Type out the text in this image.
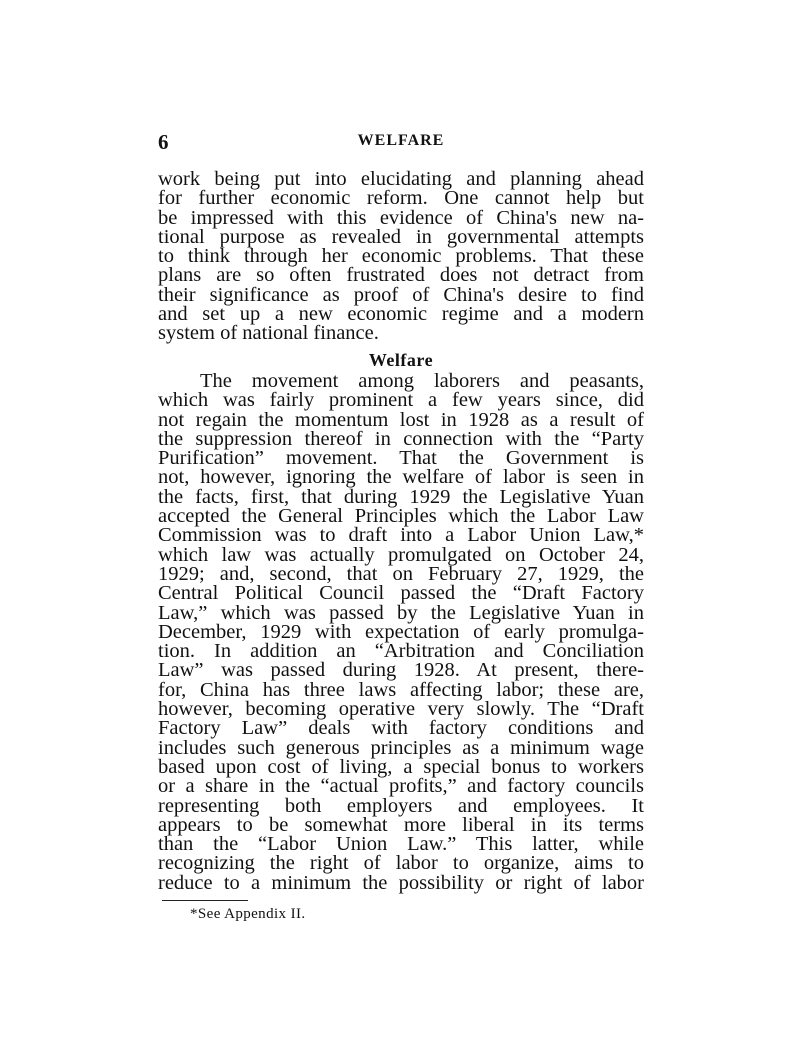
6	WELFARE
work being put into elucidating and planning ahead
for further economic reform. One cannot help but
be impressed with this evidence of China's new na-
tional purpose as revealed in governmental attempts
to think through her economic problems. That these
plans are so often frustrated does not detract from
their significance as proof of China's desire to find
and set up a new economic regime and a modern
system of national finance.
Welfare
The movement among laborers and peasants,
which was fairly prominent a few years since, did
not regain the momentum lost in 1928 as a result of
the suppression thereof in connection with the “Party
Purification” movement. That the Government is
not, however, ignoring the welfare of labor is seen in
the facts, first, that during 1929 the Legislative Yuan
accepted the General Principles which the Labor Law
Commission was to draft into a Labor Union Law,*
which law was actually promulgated on October 24,
1929; and, second, that on February 27, 1929, the
Central Political Council passed the “Draft Factory
Law,” which was passed by the Legislative Yuan in
December, 1929 with expectation of early promulga-
tion. In addition an “Arbitration and Conciliation
Law” was passed during 1928. At present, there-
for, China has three laws affecting labor; these are,
however, becoming operative very slowly. The “Draft
Factory Law” deals with factory conditions and
includes such generous principles as a minimum wage
based upon cost of living, a special bonus to workers
or a share in the “actual profits,” and factory councils
representing both employers and employees. It
appears to be somewhat more liberal in its terms
than the “Labor Union Law.” This latter, while
recognizing the right of labor to organize, aims to
reduce to a minimum the possibility or right of labor
*See Appendix II.
